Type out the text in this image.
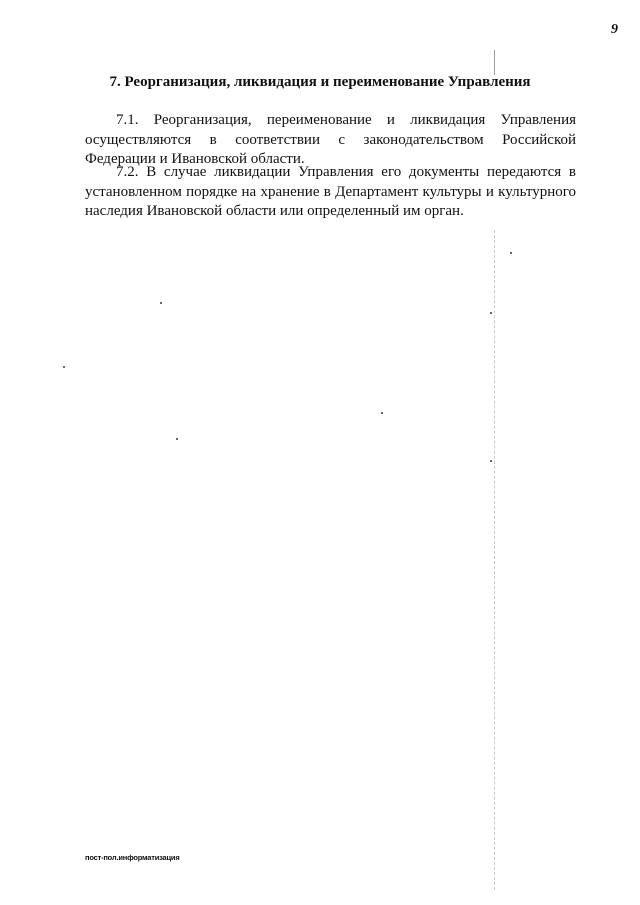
9
7. Реорганизация, ликвидация и переименование Управления

7.1. Реорганизация, переименование и ликвидация Управления осуществляются в соответствии с законодательством Российской Федерации и Ивановской области.

7.2. В случае ликвидации Управления его документы передаются в установленном порядке на хранение в Департамент культуры и культурного наследия Ивановской области или определенный им орган.

пост-пол.информатизация
